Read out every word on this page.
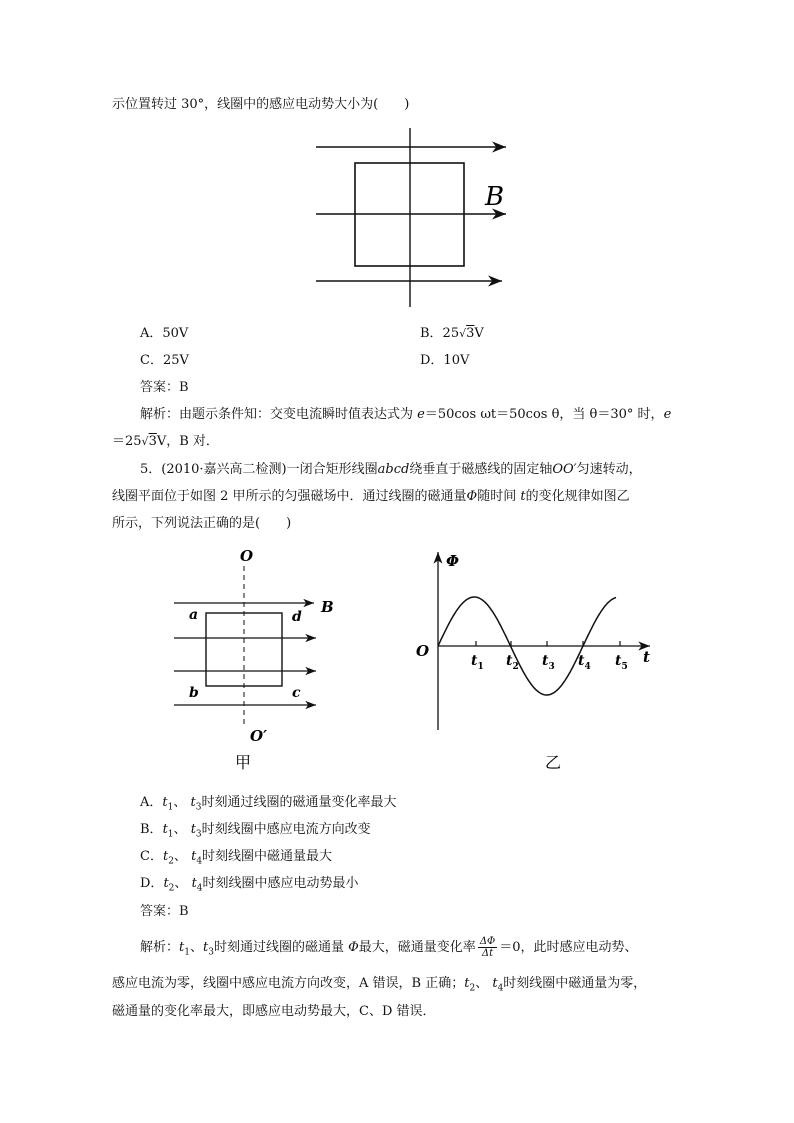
示位置转过 30°，线圈中的感应电动势大小为(　　)
B
A．50V	B．25√3V
C．25V	D．10V
答案：B
解析：由题示条件知：交变电流瞬时值表达式为 e＝50cos ωt＝50cos θ，当 θ＝30° 时，e
＝25√3V，B 对．
5．(2010·嘉兴高二检测)一闭合矩形线圈abcd绕垂直于磁感线的固定轴OO′匀速转动，
线圈平面位于如图 2 甲所示的匀强磁场中．通过线圈的磁通量Φ随时间 t的变化规律如图乙
所示，下列说法正确的是(　　)
O
O′
a	d
b	c
B
甲
$t_1$ $t_2$ $t_3$ $t_4$ $t_5$
Φ
O	t
乙
A．$t_1$、 $t_3$时刻通过线圈的磁通量变化率最大
B．$t_1$、 $t_3$时刻线圈中感应电流方向改变
C．$t_2$、 $t_4$时刻线圈中磁通量最大
D．$t_2$、 $t_4$时刻线圈中感应电动势最小
答案：B
解析：$t_1$、$t_3$时刻通过线圈的磁通量 Φ最大，磁通量变化率 $\frac{\Delta\Phi}{\Delta t} =0$，此时感应电动势、
感应电流为零，线圈中感应电流方向改变，A 错误，B 正确；$t_2$、 $t_4$时刻线圈中磁通量为零，
磁通量的变化率最大，即感应电动势最大，C、D 错误．
